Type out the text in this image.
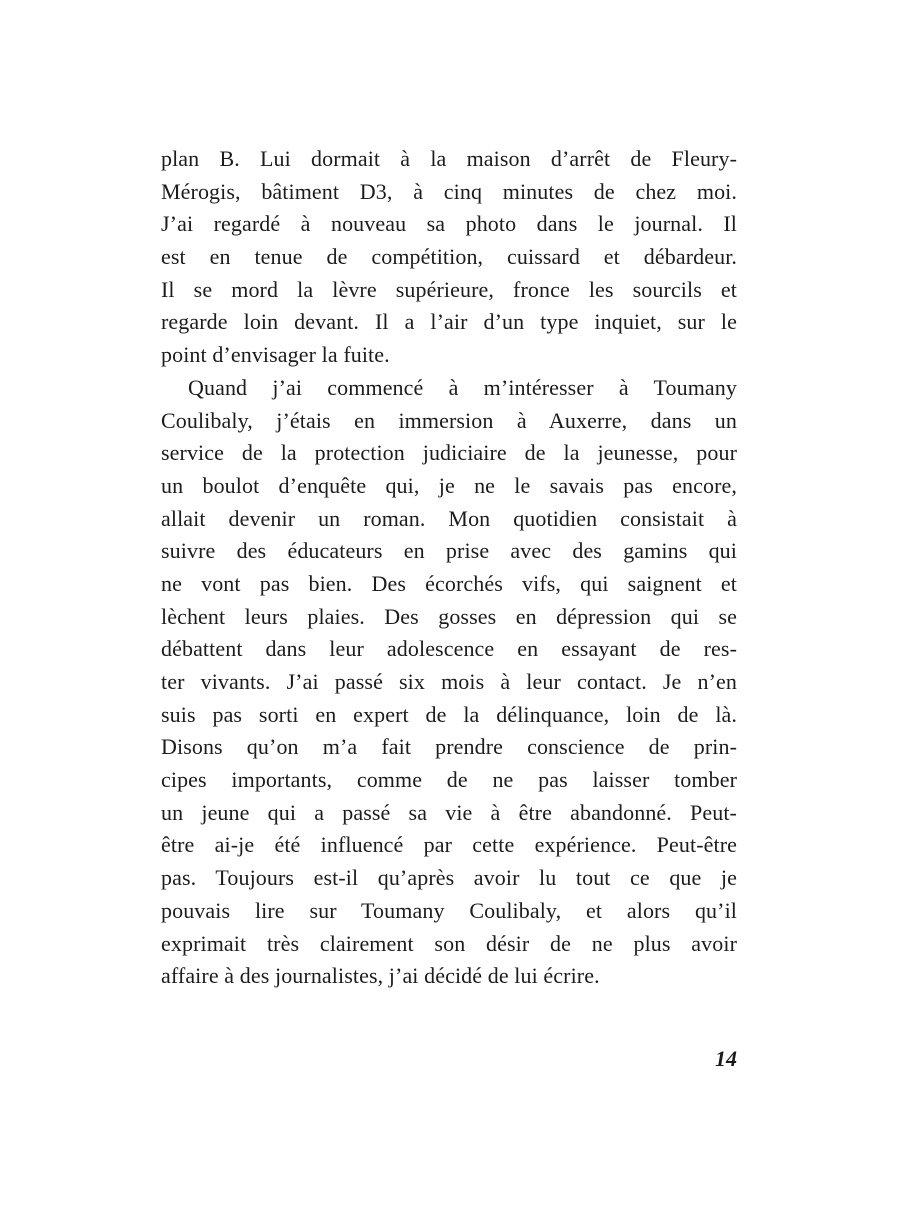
plan B. Lui dormait à la maison d’arrêt de Fleury-
Mérogis, bâtiment D3, à cinq minutes de chez moi.
J’ai regardé à nouveau sa photo dans le journal. Il
est en tenue de compétition, cuissard et débardeur.
Il se mord la lèvre supérieure, fronce les sourcils et
regarde loin devant. Il a l’air d’un type inquiet, sur le
point d’envisager la fuite.
Quand j’ai commencé à m’intéresser à Toumany
Coulibaly, j’étais en immersion à Auxerre, dans un
service de la protection judiciaire de la jeunesse, pour
un boulot d’enquête qui, je ne le savais pas encore,
allait devenir un roman. Mon quotidien consistait à
suivre des éducateurs en prise avec des gamins qui
ne vont pas bien. Des écorchés vifs, qui saignent et
lèchent leurs plaies. Des gosses en dépression qui se
débattent dans leur adolescence en essayant de res-
ter vivants. J’ai passé six mois à leur contact. Je n’en
suis pas sorti en expert de la délinquance, loin de là.
Disons qu’on m’a fait prendre conscience de prin-
cipes importants, comme de ne pas laisser tomber
un jeune qui a passé sa vie à être abandonné. Peut-
être ai-je été influencé par cette expérience. Peut-être
pas. Toujours est-il qu’après avoir lu tout ce que je
pouvais lire sur Toumany Coulibaly, et alors qu’il
exprimait très clairement son désir de ne plus avoir
affaire à des journalistes, j’ai décidé de lui écrire.
14
